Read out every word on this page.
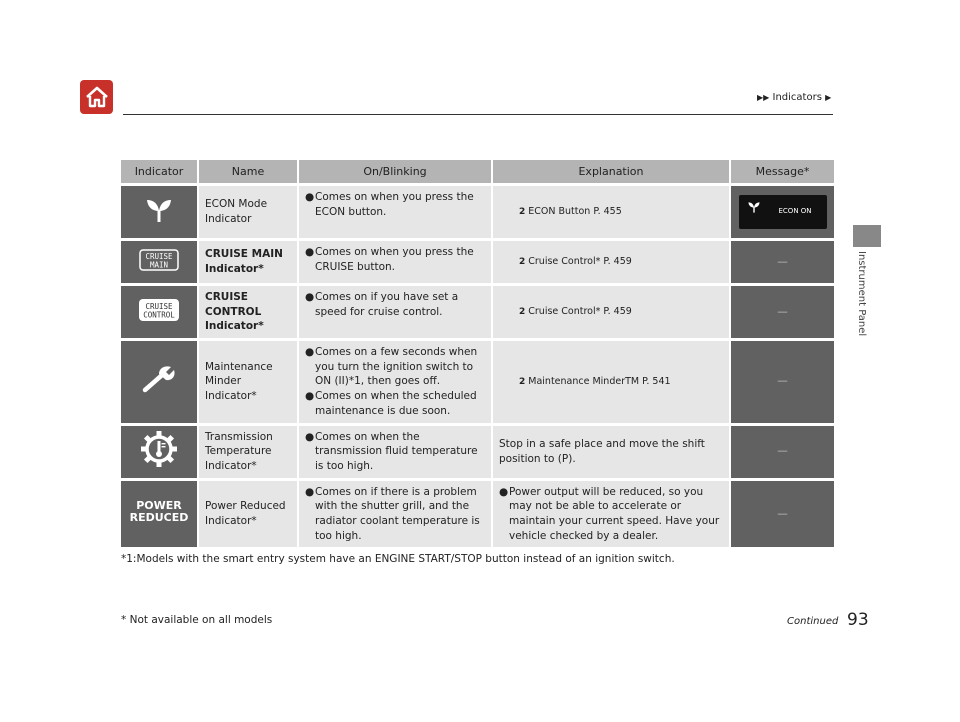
▶▶ Indicators ▶
Instrument Panel
Indicator	Name	On/Blinking	Explanation	Message*
	ECON Mode Indicator	● Comes on when you press the ECON button.	2 ECON Button P. 455	ECON ON

CRUISE MAIN	CRUISE MAIN Indicator*	● Comes on when you press the CRUISE button.	2 Cruise Control* P. 459	—

CRUISE CONTROL	CRUISE CONTROL Indicator*	● Comes on if you have set a speed for cruise control.	2 Cruise Control* P. 459	—
	Maintenance Minder Indicator*	● Comes on a few seconds when you turn the ignition switch to ON (II)*1, then goes off.
● Comes on when the scheduled maintenance is due soon.	2 Maintenance MinderTM P. 541	—
	Transmission Temperature Indicator*	● Comes on when the transmission fluid temperature is too high.	Stop in a safe place and move the shift position to (P).	—

POWER REDUCED	Power Reduced Indicator*	● Comes on if there is a problem with the shutter grill, and the radiator coolant temperature is too high.	● Power output will be reduced, so you may not be able to accelerate or maintain your current speed. Have your vehicle checked by a dealer.	—
*1:Models with the smart entry system have an ENGINE START/STOP button instead of an ignition switch.
* Not available on all models	Continued 93
